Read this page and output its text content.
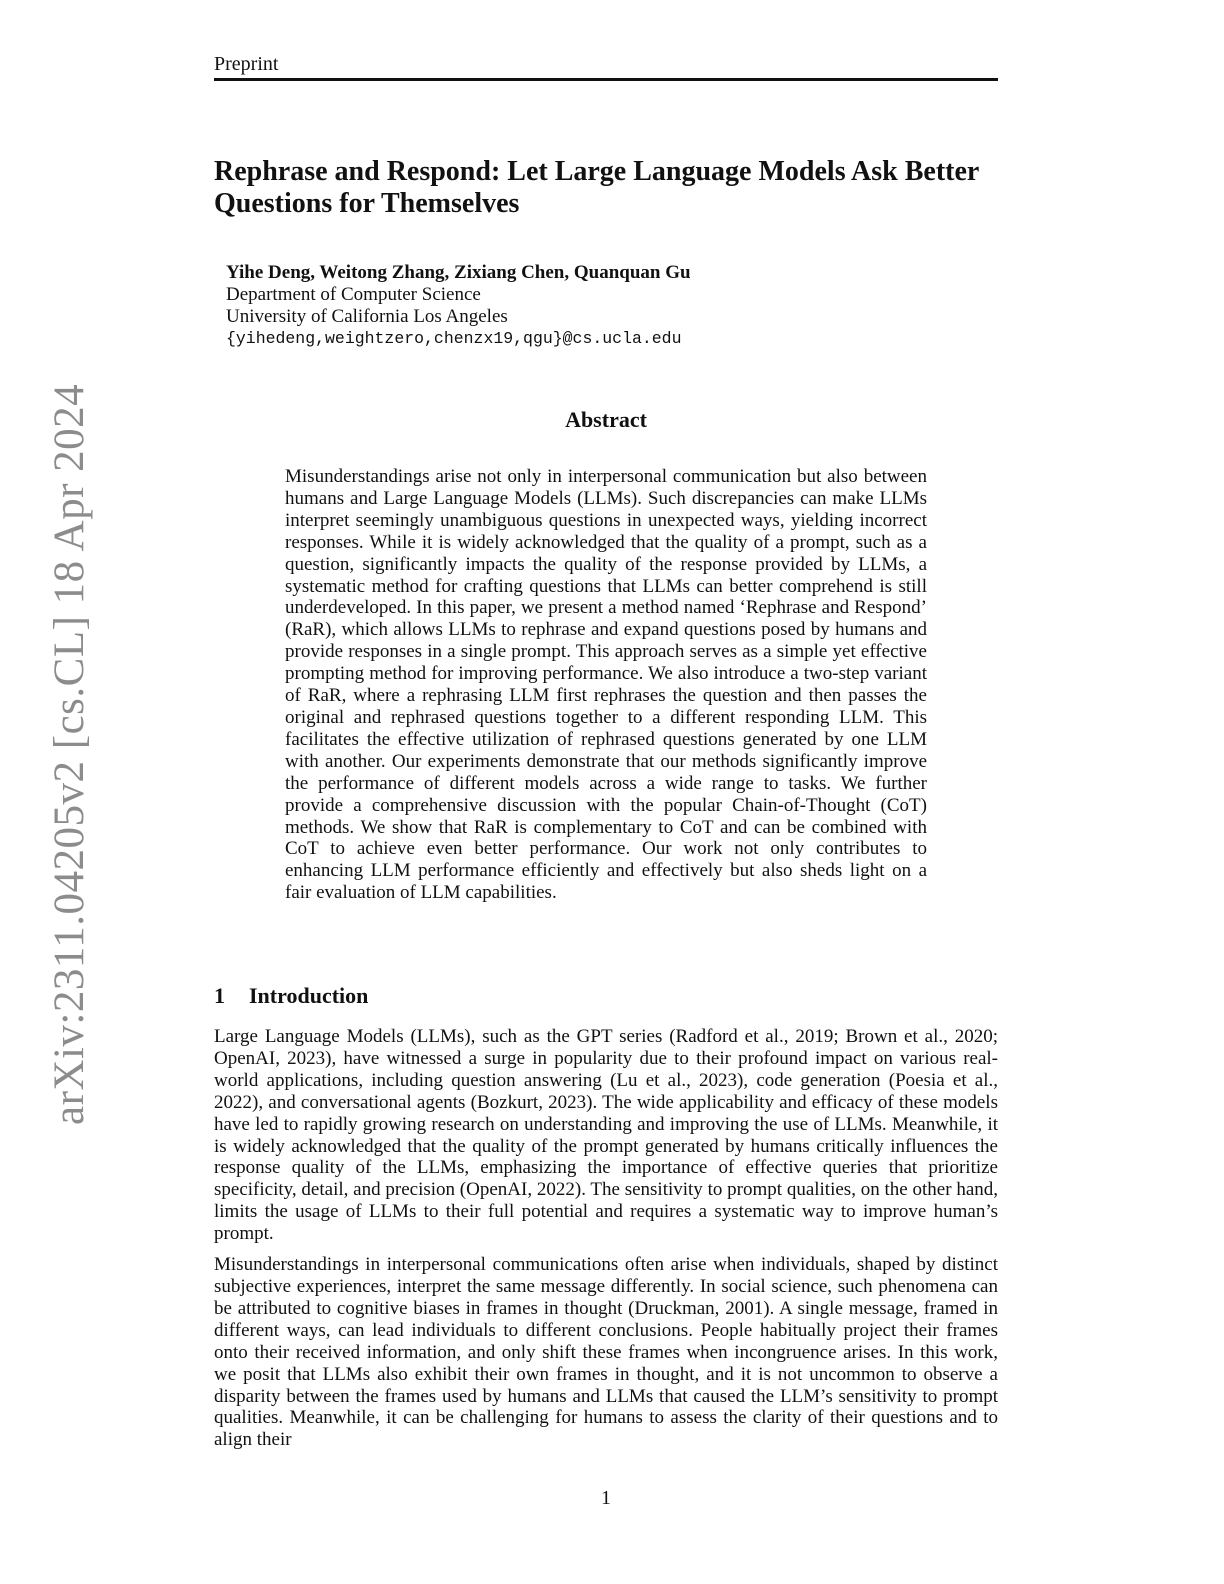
Preprint
arXiv:2311.04205v2 [cs.CL] 18 Apr 2024
Rephrase and Respond: Let Large Language Models Ask Better Questions for Themselves
Yihe Deng, Weitong Zhang, Zixiang Chen, Quanquan Gu
Department of Computer Science
University of California Los Angeles
{yihedeng,weightzero,chenzx19,qgu}@cs.ucla.edu
Abstract

Misunderstandings arise not only in interpersonal communication but also between humans and Large Language Models (LLMs). Such discrepancies can make LLMs interpret seemingly unambiguous questions in unexpected ways, yielding incorrect responses. While it is widely acknowledged that the quality of a prompt, such as a question, significantly impacts the quality of the response provided by LLMs, a systematic method for crafting questions that LLMs can better comprehend is still underdeveloped. In this paper, we present a method named ‘Rephrase and Respond’ (RaR), which allows LLMs to rephrase and expand questions posed by humans and provide responses in a single prompt. This approach serves as a simple yet effective prompting method for improving performance. We also introduce a two-step variant of RaR, where a rephrasing LLM first rephrases the question and then passes the original and rephrased questions together to a different responding LLM. This facilitates the effective utilization of rephrased questions generated by one LLM with another. Our experiments demonstrate that our methods significantly improve the performance of different models across a wide range to tasks. We further provide a comprehensive discussion with the popular Chain-of-Thought (CoT) methods. We show that RaR is complementary to CoT and can be combined with CoT to achieve even better performance. Our work not only contributes to enhancing LLM performance efficiently and effectively but also sheds light on a fair evaluation of LLM capabilities.

1 Introduction

Large Language Models (LLMs), such as the GPT series (Radford et al., 2019; Brown et al., 2020; OpenAI, 2023), have witnessed a surge in popularity due to their profound impact on various real-world applications, including question answering (Lu et al., 2023), code generation (Poesia et al., 2022), and conversational agents (Bozkurt, 2023). The wide applicability and efficacy of these models have led to rapidly growing research on understanding and improving the use of LLMs. Meanwhile, it is widely acknowledged that the quality of the prompt generated by humans critically influences the response quality of the LLMs, emphasizing the importance of effective queries that prioritize specificity, detail, and precision (OpenAI, 2022). The sensitivity to prompt qualities, on the other hand, limits the usage of LLMs to their full potential and requires a systematic way to improve human’s prompt.

Misunderstandings in interpersonal communications often arise when individuals, shaped by distinct subjective experiences, interpret the same message differently. In social science, such phenomena can be attributed to cognitive biases in frames in thought (Druckman, 2001). A single message, framed in different ways, can lead individuals to different conclusions. People habitually project their frames onto their received information, and only shift these frames when incongruence arises. In this work, we posit that LLMs also exhibit their own frames in thought, and it is not uncommon to observe a disparity between the frames used by humans and LLMs that caused the LLM’s sensitivity to prompt qualities. Meanwhile, it can be challenging for humans to assess the clarity of their questions and to align their

1
